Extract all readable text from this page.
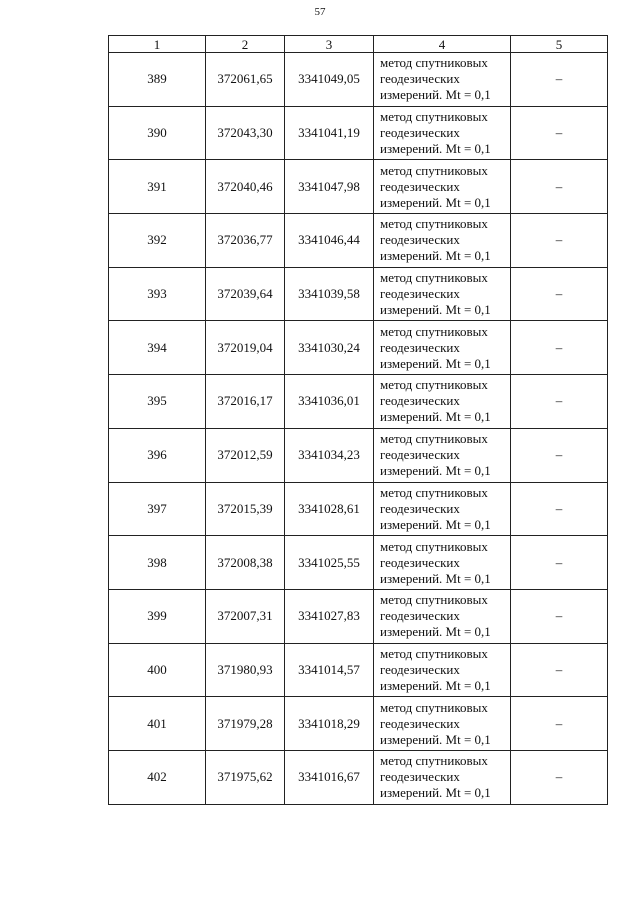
57
1	2	3	4	5
389	372061,65	3341049,05	метод спутниковых
геодезических
измерений. Mt = 0,1	–
390	372043,30	3341041,19	метод спутниковых
геодезических
измерений. Mt = 0,1	–
391	372040,46	3341047,98	метод спутниковых
геодезических
измерений. Mt = 0,1	–
392	372036,77	3341046,44	метод спутниковых
геодезических
измерений. Mt = 0,1	–
393	372039,64	3341039,58	метод спутниковых
геодезических
измерений. Mt = 0,1	–
394	372019,04	3341030,24	метод спутниковых
геодезических
измерений. Mt = 0,1	–
395	372016,17	3341036,01	метод спутниковых
геодезических
измерений. Mt = 0,1	–
396	372012,59	3341034,23	метод спутниковых
геодезических
измерений. Mt = 0,1	–
397	372015,39	3341028,61	метод спутниковых
геодезических
измерений. Mt = 0,1	–
398	372008,38	3341025,55	метод спутниковых
геодезических
измерений. Mt = 0,1	–
399	372007,31	3341027,83	метод спутниковых
геодезических
измерений. Mt = 0,1	–
400	371980,93	3341014,57	метод спутниковых
геодезических
измерений. Mt = 0,1	–
401	371979,28	3341018,29	метод спутниковых
геодезических
измерений. Mt = 0,1	–
402	371975,62	3341016,67	метод спутниковых
геодезических
измерений. Mt = 0,1	–
